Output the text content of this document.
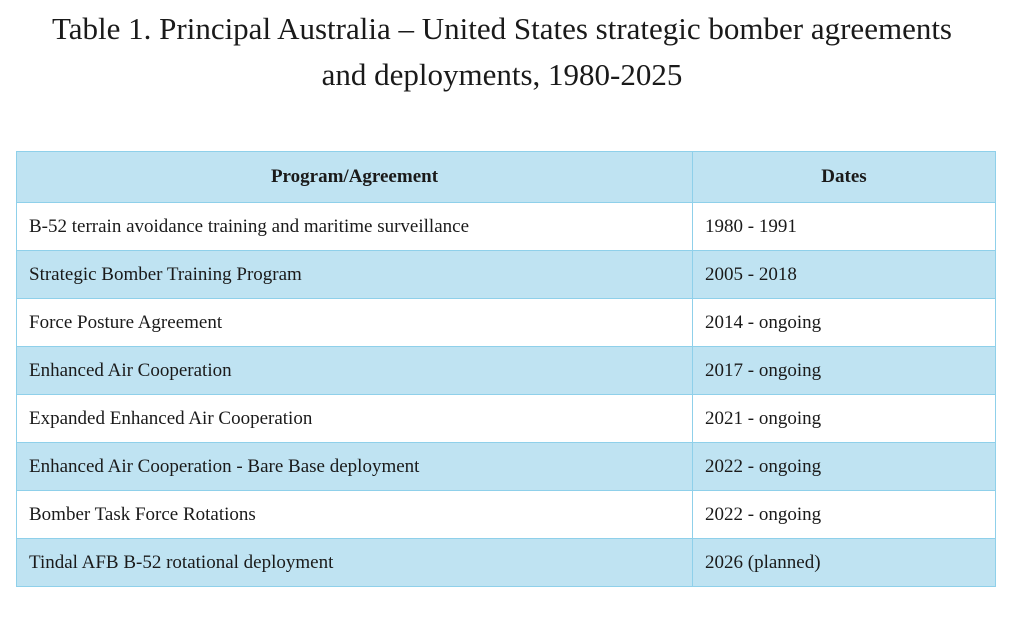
Table 1. Principal Australia – United States strategic bomber agreements
and deployments, 1980-2025
Program/Agreement	Dates
B-52 terrain avoidance training and maritime surveillance	1980 - 1991
Strategic Bomber Training Program	2005 - 2018
Force Posture Agreement	2014 - ongoing
Enhanced Air Cooperation	2017 - ongoing
Expanded Enhanced Air Cooperation	2021 - ongoing
Enhanced Air Cooperation - Bare Base deployment	2022 - ongoing
Bomber Task Force Rotations	2022 - ongoing
Tindal AFB B-52 rotational deployment	2026 (planned)
